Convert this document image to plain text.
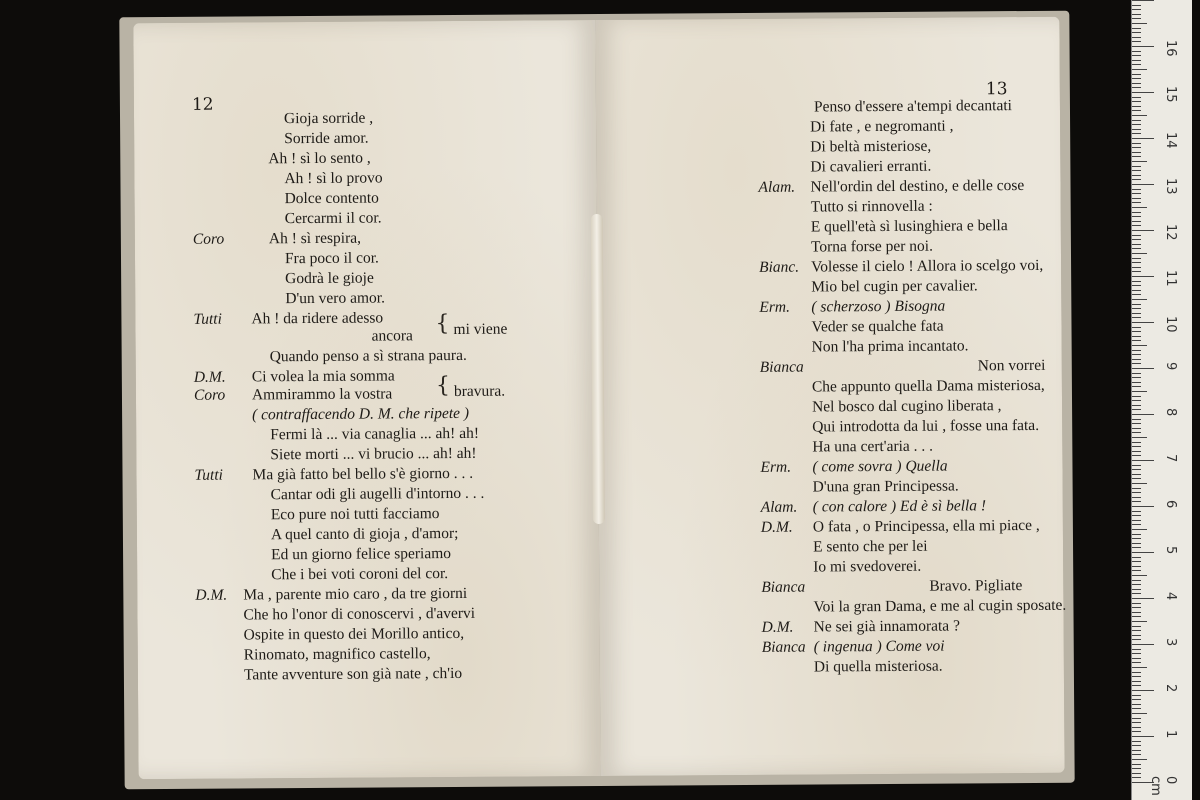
12
Gioja sorride ,
Sorride amor.
Ah ! sì lo sento ,
Ah ! sì lo provo
Dolce contento
Cercarmi il cor.
Coro	Ah ! sì respira,
Fra poco il cor.
Godrà le gioje
D'un vero amor.
Tutti Ah ! da ridere adesso
ancora
Quando penso a sì strana paura.
D.M. Ci volea la mia somma
Coro Ammirammo la vostra
( contraffacendo D. M. che ripete )
Fermi là ... via canaglia ... ah! ah!
Siete morti ... vi brucio ... ah! ah!
Tutti Ma già fatto bel bello s'è giorno . . .
Cantar odi gli augelli d'intorno . . .
Eco pure noi tutti facciamo
A quel canto di gioja , d'amor;
Ed un giorno felice speriamo
Che i bei voti coroni del cor.
D.M. Ma , parente mio caro , da tre giorni
Che ho l'onor di conoscervi , d'avervi
Ospite in questo dei Morillo antico,
Rinomato, magnifico castello,
Tante avventure son già nate , ch'io
{ mi viene
{ bravura.
13
Penso d'essere a'tempi decantati
Di fate , e negromanti ,
Di beltà misteriose,
Di cavalieri erranti.
Alam. Nell'ordin del destino, e delle cose
Tutto si rinnovella :
E quell'età sì lusinghiera e bella
Torna forse per noi.
Bianc. Volesse il cielo ! Allora io scelgo voi,
Mio bel cugin per cavalier.
Erm. ( scherzoso ) Bisogna
Veder se qualche fata
Non l'ha prima incantato.
Bianca	Non vorrei
Che appunto quella Dama misteriosa,
Nel bosco dal cugino liberata ,
Qui introdotta da lui , fosse una fata.
Ha una cert'aria . . .
Erm. ( come sovra ) Quella
D'una gran Principessa.
Alam. ( con calore ) Ed è sì bella !
D.M. O fata , o Principessa, ella mi piace ,
E sento che per lei
Io mi svedoverei.
Bianca	Bravo. Pigliate
Voi la gran Dama, e me al cugin sposate.
D.M. Ne sei già innamorata ?
Bianca ( ingenua ) Come voi
Di quella misteriosa.
16
15
14
13
12
11
10
9
8
7
6
5
4
3
2
1
0 cm
